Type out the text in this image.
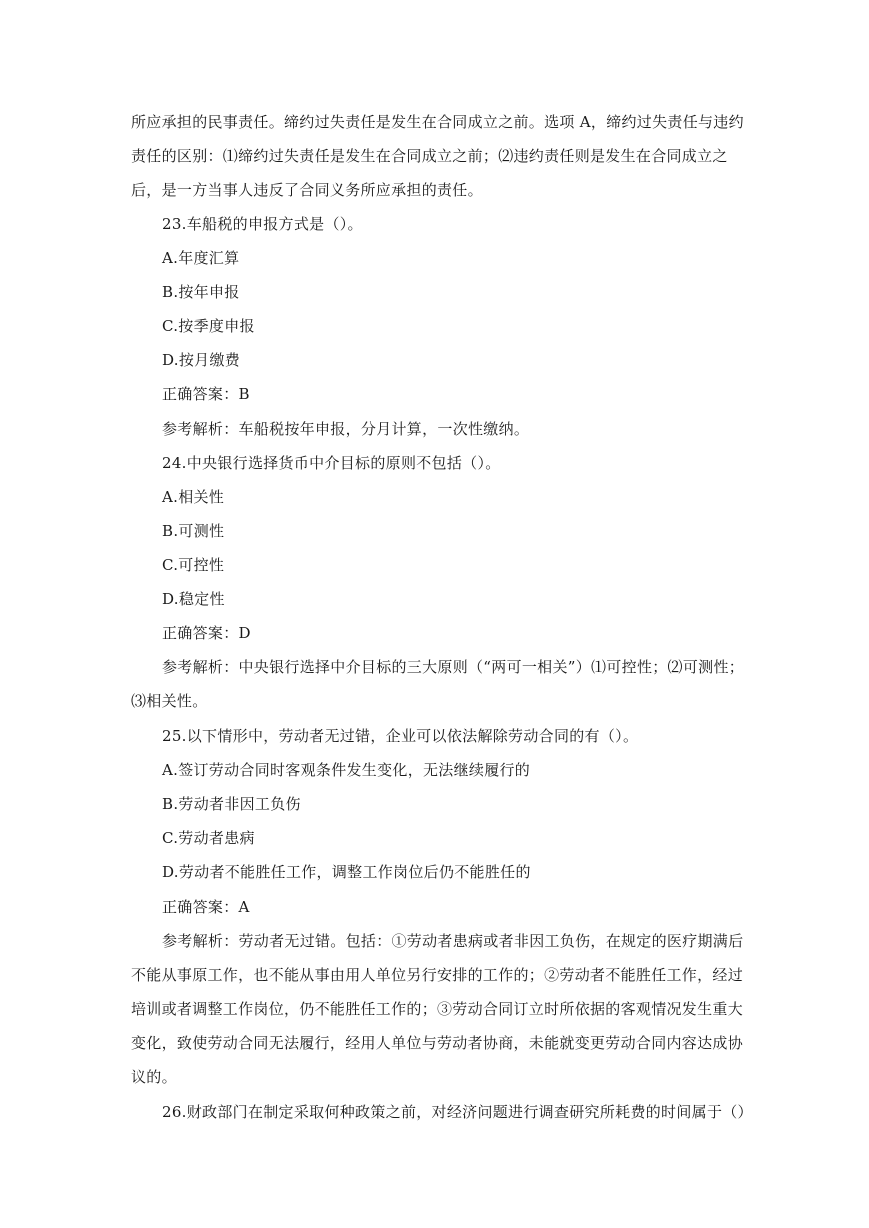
所应承担的民事责任。缔约过失责任是发生在合同成立之前。选项 A，缔约过失责任与违约
责任的区别：⑴缔约过失责任是发生在合同成立之前；⑵违约责任则是发生在合同成立之
后，是一方当事人违反了合同义务所应承担的责任。
23.车船税的申报方式是（）。
A.年度汇算
B.按年申报
C.按季度申报
D.按月缴费
正确答案：B
参考解析：车船税按年申报，分月计算，一次性缴纳。
24.中央银行选择货币中介目标的原则不包括（）。
A.相关性
B.可测性
C.可控性
D.稳定性
正确答案：D
参考解析：中央银行选择中介目标的三大原则（“两可一相关”）⑴可控性；⑵可测性；
⑶相关性。
25.以下情形中，劳动者无过错，企业可以依法解除劳动合同的有（）。
A.签订劳动合同时客观条件发生变化，无法继续履行的
B.劳动者非因工负伤
C.劳动者患病
D.劳动者不能胜任工作，调整工作岗位后仍不能胜任的
正确答案：A
参考解析：劳动者无过错。包括：①劳动者患病或者非因工负伤，在规定的医疗期满后
不能从事原工作，也不能从事由用人单位另行安排的工作的；②劳动者不能胜任工作，经过
培训或者调整工作岗位，仍不能胜任工作的；③劳动合同订立时所依据的客观情况发生重大
变化，致使劳动合同无法履行，经用人单位与劳动者协商，未能就变更劳动合同内容达成协
议的。
26.财政部门在制定采取何种政策之前，对经济问题进行调查研究所耗费的时间属于（）
